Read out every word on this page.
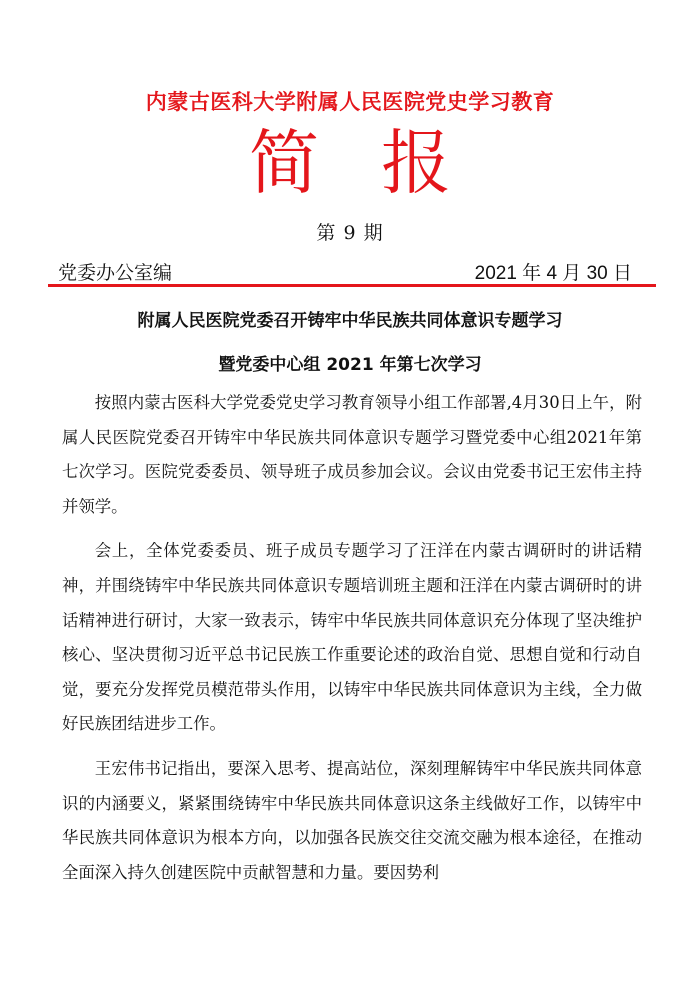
内蒙古医科大学附属人民医院党史学习教育
简报
第 9 期
党委办公室编	2021 年 4 月 30 日
附属人民医院党委召开铸牢中华民族共同体意识专题学习
暨党委中心组 2021 年第七次学习

按照内蒙古医科大学党委党史学习教育领导小组工作部署,4月30日上午，附属人民医院党委召开铸牢中华民族共同体意识专题学习暨党委中心组2021年第七次学习。医院党委委员、领导班子成员参加会议。会议由党委书记王宏伟主持并领学。

会上，全体党委委员、班子成员专题学习了汪洋在内蒙古调研时的讲话精神，并围绕铸牢中华民族共同体意识专题培训班主题和汪洋在内蒙古调研时的讲话精神进行研讨，大家一致表示，铸牢中华民族共同体意识充分体现了坚决维护核心、坚决贯彻习近平总书记民族工作重要论述的政治自觉、思想自觉和行动自觉，要充分发挥党员模范带头作用，以铸牢中华民族共同体意识为主线，全力做好民族团结进步工作。

王宏伟书记指出，要深入思考、提高站位，深刻理解铸牢中华民族共同体意识的内涵要义，紧紧围绕铸牢中华民族共同体意识这条主线做好工作，以铸牢中华民族共同体意识为根本方向，以加强各民族交往交流交融为根本途径，在推动全面深入持久创建医院中贡献智慧和力量。要因势利
